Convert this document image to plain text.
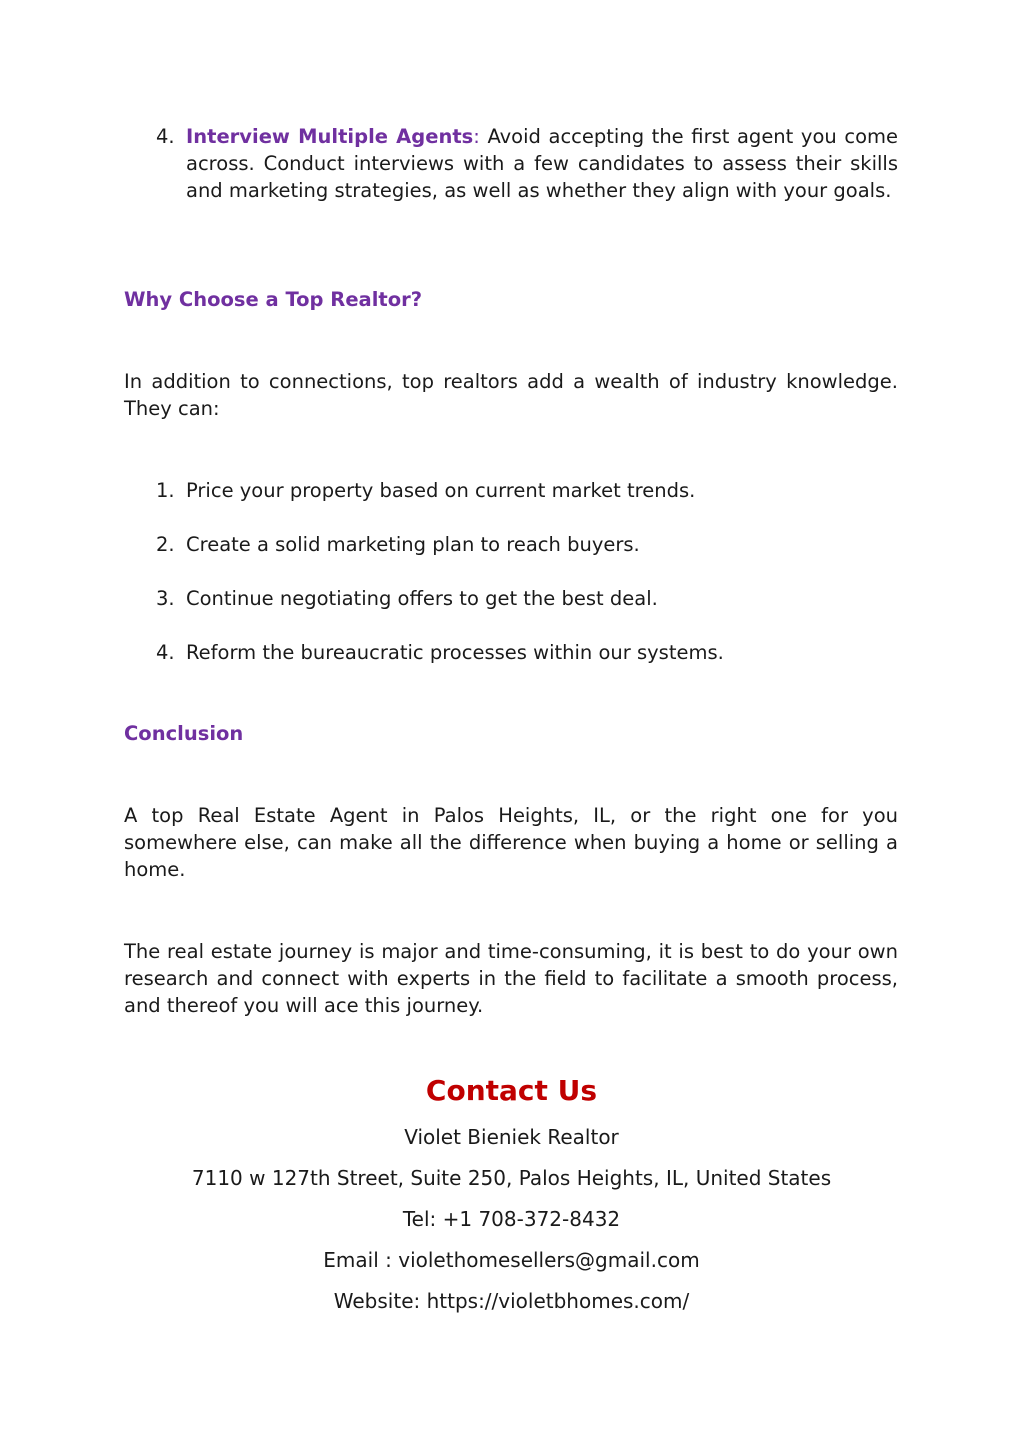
4. Interview Multiple Agents: Avoid accepting the first agent you come across. Conduct interviews with a few candidates to assess their skills and marketing strategies, as well as whether they align with your goals.
Why Choose a Top Realtor?
In addition to connections, top realtors add a wealth of industry knowledge. They can:
1. Price your property based on current market trends.
2. Create a solid marketing plan to reach buyers.
3. Continue negotiating offers to get the best deal.
4. Reform the bureaucratic processes within our systems.
Conclusion
A top Real Estate Agent in Palos Heights, IL, or the right one for you somewhere else, can make all the difference when buying a home or selling a home.
The real estate journey is major and time-consuming, it is best to do your own research and connect with experts in the field to facilitate a smooth process, and thereof you will ace this journey.
Contact Us
Violet Bieniek Realtor
7110 w 127th Street, Suite 250, Palos Heights, IL, United States
Tel: +1 708-372-8432
Email : violethomesellers@gmail.com
Website: https://violetbhomes.com/
